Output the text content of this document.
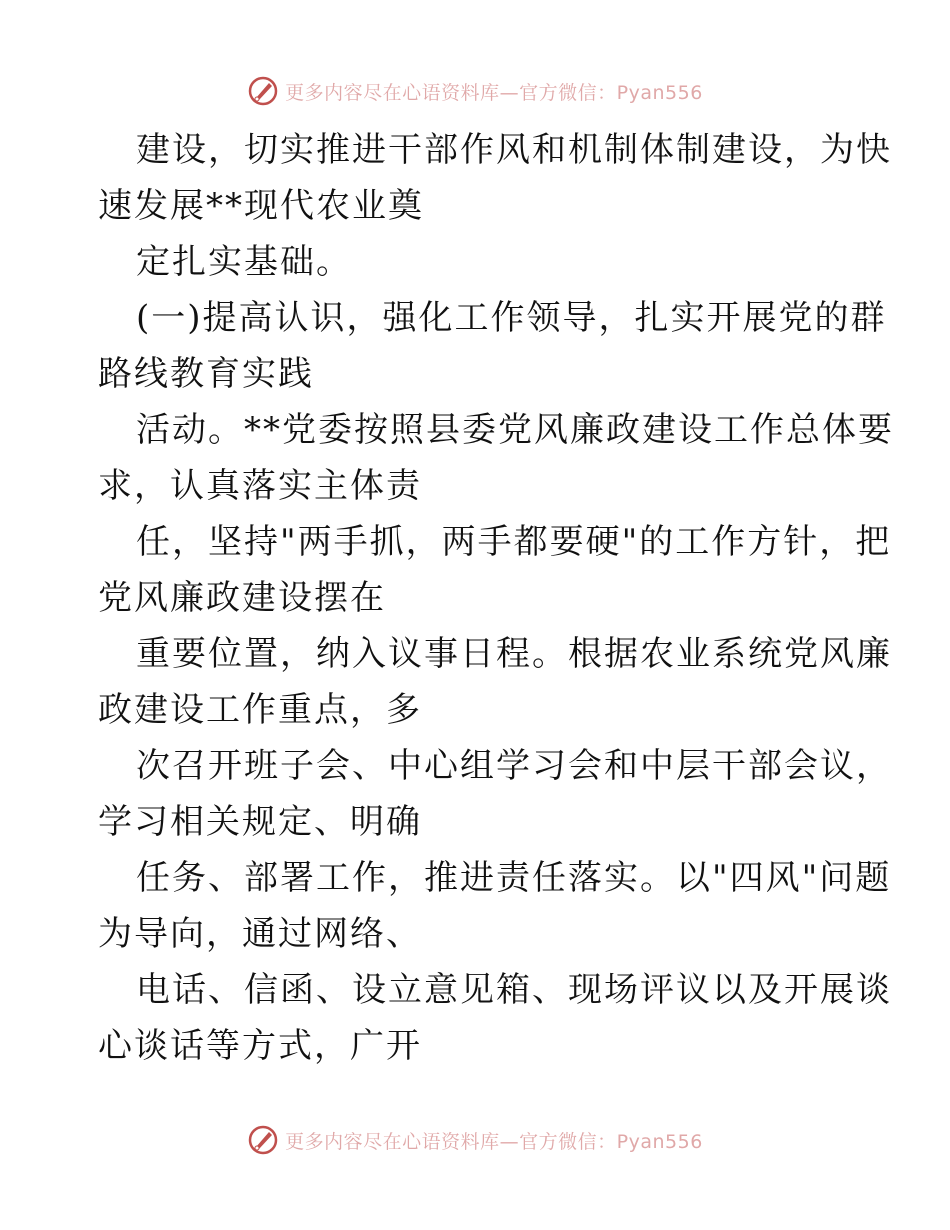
更多内容尽在心语资料库—官方微信：Pyan556
建设，切实推进干部作风和机制体制建设，为快
速发展**现代农业奠
定扎实基础。
(一)提高认识，强化工作领导，扎实开展党的群
路线教育实践
活动。**党委按照县委党风廉政建设工作总体要
求，认真落实主体责
任，坚持"两手抓，两手都要硬"的工作方针，把
党风廉政建设摆在
重要位置，纳入议事日程。根据农业系统党风廉
政建设工作重点，多
次召开班子会、中心组学习会和中层干部会议，
学习相关规定、明确
任务、部署工作，推进责任落实。以"四风"问题
为导向，通过网络、
电话、信函、设立意见箱、现场评议以及开展谈
心谈话等方式，广开
更多内容尽在心语资料库—官方微信：Pyan556
